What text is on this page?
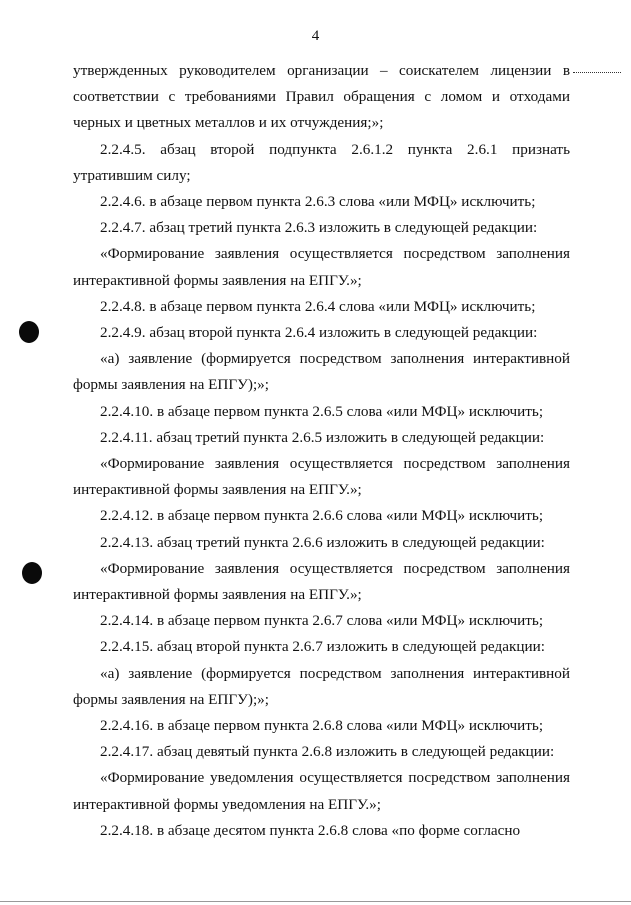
4

утвержденных руководителем организации – соискателем лицензии в соответствии с требованиями Правил обращения с ломом и отходами черных и цветных металлов и их отчуждения;»;

2.2.4.5. абзац второй подпункта 2.6.1.2 пункта 2.6.1 признать утратившим силу;

2.2.4.6. в абзаце первом пункта 2.6.3 слова «или МФЦ» исключить;

2.2.4.7. абзац третий пункта 2.6.3 изложить в следующей редакции:

«Формирование заявления осуществляется посредством заполнения интерактивной формы заявления на ЕПГУ.»;

2.2.4.8. в абзаце первом пункта 2.6.4 слова «или МФЦ» исключить;

2.2.4.9. абзац второй пункта 2.6.4 изложить в следующей редакции:

«а) заявление (формируется посредством заполнения интерактивной формы заявления на ЕПГУ);»;

2.2.4.10. в абзаце первом пункта 2.6.5 слова «или МФЦ» исключить;

2.2.4.11. абзац третий пункта 2.6.5 изложить в следующей редакции:

«Формирование заявления осуществляется посредством заполнения интерактивной формы заявления на ЕПГУ.»;

2.2.4.12. в абзаце первом пункта 2.6.6 слова «или МФЦ» исключить;

2.2.4.13. абзац третий пункта 2.6.6 изложить в следующей редакции:

«Формирование заявления осуществляется посредством заполнения интерактивной формы заявления на ЕПГУ.»;

2.2.4.14. в абзаце первом пункта 2.6.7 слова «или МФЦ» исключить;

2.2.4.15. абзац второй пункта 2.6.7 изложить в следующей редакции:

«а) заявление (формируется посредством заполнения интерактивной формы заявления на ЕПГУ);»;

2.2.4.16. в абзаце первом пункта 2.6.8 слова «или МФЦ» исключить;

2.2.4.17. абзац девятый пункта 2.6.8 изложить в следующей редакции:

«Формирование уведомления осуществляется посредством заполнения интерактивной формы уведомления на ЕПГУ.»;

2.2.4.18. в абзаце десятом пункта 2.6.8 слова «по форме согласно
